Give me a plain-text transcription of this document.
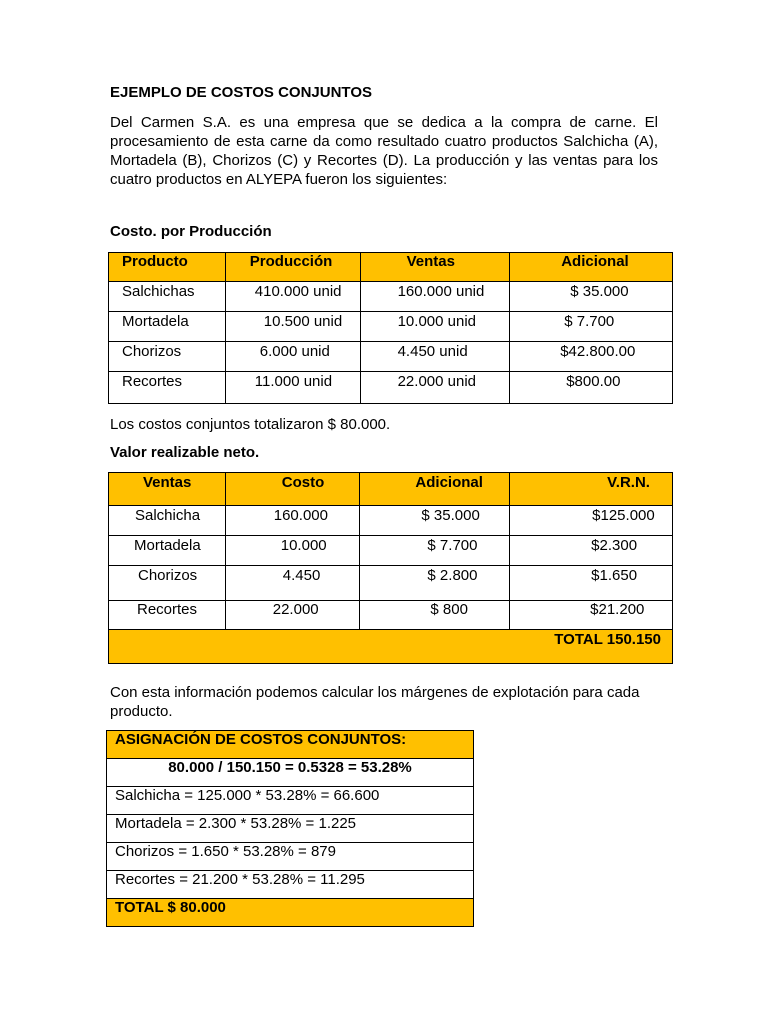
EJEMPLO DE COSTOS CONJUNTOS

Del Carmen S.A. es una empresa que se dedica a la compra de carne. El procesamiento de esta carne da como resultado cuatro productos Salchicha (A), Mortadela (B), Chorizos (C) y Recortes (D). La producción y las ventas para los cuatro productos en ALYEPA fueron los siguientes:

Costo. por Producción
Producto	Producción	Ventas	Adicional
Salchichas	410.000 unid	160.000 unid	$ 35.000
Mortadela	10.500 unid	10.000 unid	$ 7.700
Chorizos	6.000 unid	4.450 unid	$42.800.00
Recortes	11.000 unid	22.000 unid	$800.00
Los costos conjuntos totalizaron $ 80.000.
Valor realizable neto.
Ventas	Costo	Adicional	V.R.N.
Salchicha	160.000	$ 35.000	$125.000
Mortadela	10.000	$ 7.700	$2.300
Chorizos	4.450	$ 2.800	$1.650
Recortes	22.000	$ 800	$21.200
TOTAL 150.150			
Con esta información podemos calcular los márgenes de explotación para cada producto.
ASIGNACIÓN DE COSTOS CONJUNTOS:
80.000 / 150.150 = 0.5328 = 53.28%
Salchicha = 125.000 * 53.28% = 66.600
Mortadela = 2.300 * 53.28% = 1.225
Chorizos = 1.650 * 53.28% = 879
Recortes = 21.200 * 53.28% = 11.295
TOTAL $ 80.000
